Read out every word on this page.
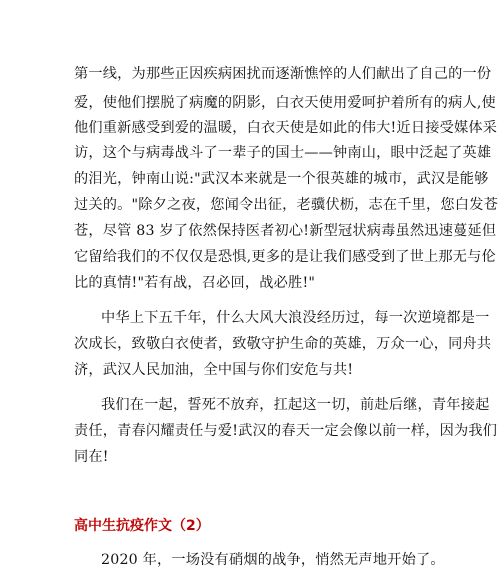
第一线，为那些正因疾病困扰而逐渐憔悴的人们献出了自己的一份
爱，使他们摆脱了病魔的阴影，白衣天使用爱呵护着所有的病人,使
他们重新感受到爱的温暖，白衣天使是如此的伟大!近日接受媒体采
访，这个与病毒战斗了一辈子的国士——钟南山，眼中泛起了英雄
的泪光，钟南山说:"武汉本来就是一个很英雄的城市，武汉是能够
过关的。"除夕之夜，您闻令出征，老骥伏枥，志在千里，您白发苍
苍，尽管 83 岁了依然保持医者初心!新型冠状病毒虽然迅速蔓延但
它留给我们的不仅仅是恐惧,更多的是让我们感受到了世上那无与伦
比的真情!"若有战，召必回，战必胜!"
中华上下五千年，什么大风大浪没经历过，每一次逆境都是一
次成长，致敬白衣使者，致敬守护生命的英雄，万众一心，同舟共
济，武汉人民加油，全中国与你们安危与共!
我们在一起，誓死不放弃，扛起这一切，前赴后继，青年接起
责任，青春闪耀责任与爱!武汉的春天一定会像以前一样，因为我们
同在!
高中生抗疫作文（2）
2020 年，一场没有硝烟的战争，悄然无声地开始了。
